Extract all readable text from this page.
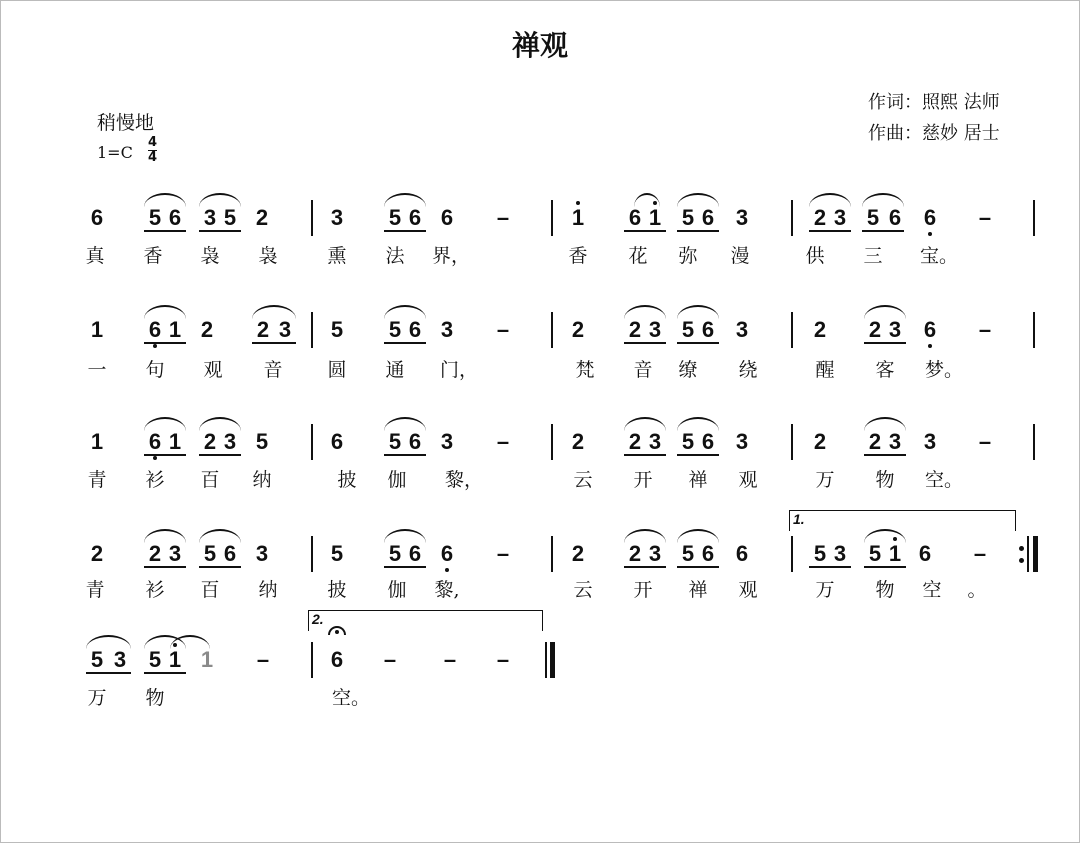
禅观
作词：照熙 法师
作曲：慈妙 居士
稍慢地
1=C
4
4
6 5 6 3 5 2	3 5 6 6 –	1 6 1 5 6 3	2 3 5 6 6 –
真 香 袅 袅	熏 法 界，	香 花 弥 漫	供 三 宝。
1 6 1 2 2 3 5 5 6 3 –	2 2 3 5 6 3	2 2 3 6 –
一 句 观 音 圆 通 门，	梵 音 缭 绕	醒 客 梦。
1 6 1 2 3 5	6 5 6 3 –	2 2 3 5 6 3	2 2 3 3 –
青 衫 百 纳	披 伽 黎，	云 开 禅 观	万 物 空。
2 2 3 5 6 3	5 5 6 6 –	2 2 3 5 6 6	5 3 5 1 6 –
青 衫 百 纳	披 伽 黎,	云 开 禅 观	万 物 空 。
5 3 5 1 1 –	6 – – –
万 物	空。
1.
2.
